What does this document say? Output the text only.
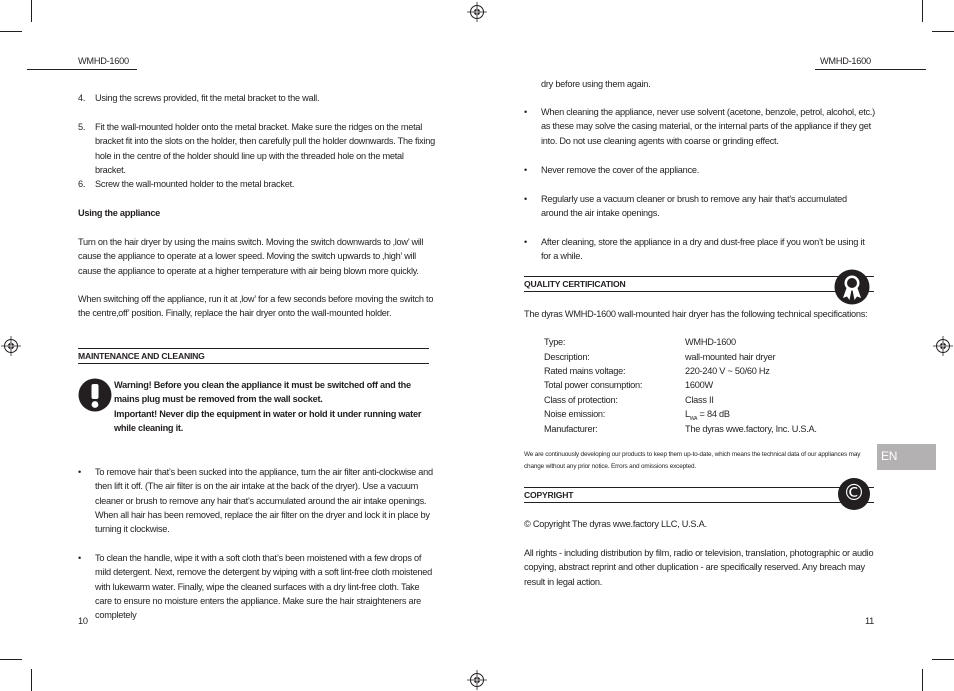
WMHD-1600	WMHD-1600
4.	Using the screws provided, fit the metal bracket to the wall.
5.	Fit the wall-mounted holder onto the metal bracket. Make sure the ridges on the metal bracket fit into the slots on the holder, then carefully pull the holder downwards. The fixing hole in the centre of the holder should line up with the threaded hole on the metal bracket.
6.	Screw the wall-mounted holder to the metal bracket.
Using the appliance
Turn on the hair dryer by using the mains switch. Moving the switch downwards to ‚low’ will cause the appliance to operate at a lower speed. Moving the switch upwards to ‚high’ will cause the appliance to operate at a higher temperature with air being blown more quickly.
When switching off the appliance, run it at ‚low’ for a few seconds before moving the switch to the centre‚off’ position. Finally, replace the hair dryer onto the wall-mounted holder.
MAINTENANCE AND CLEANING
Warning! Before you clean the appliance it must be switched off and the mains plug must be removed from the wall socket.
Important! Never dip the equipment in water or hold it under running water while cleaning it.
•	To remove hair that’s been sucked into the appliance, turn the air filter anti-clockwise and then lift it off. (The air filter is on the air intake at the back of the dryer). Use a vacuum cleaner or brush to remove any hair that’s accumulated around the air intake openings. When all hair has been removed, replace the air filter on the dryer and lock it in place by turning it clockwise.
•	To clean the handle, wipe it with a soft cloth that’s been moistened with a few drops of mild detergent. Next, remove the detergent by wiping with a soft lint-free cloth moistened with lukewarm water. Finally, wipe the cleaned surfaces with a dry lint-free cloth. Take care to ensure no moisture enters the appliance. Make sure the hair straighteners are completely
10
dry before using them again.
•	When cleaning the appliance, never use solvent (acetone, benzole, petrol, alcohol, etc.) as these may solve the casing material, or the internal parts of the appliance if they get into. Do not use cleaning agents with coarse or grinding effect.
•	Never remove the cover of the appliance.
•	Regularly use a vacuum cleaner or brush to remove any hair that’s accumulated around the air intake openings.
•	After cleaning, store the appliance in a dry and dust-free place if you won’t be using it for a while.
QUALITY CERTIFICATION
The dyras WMHD-1600 wall-mounted hair dryer has the following technical specifications:
Type:	WMHD-1600
Description:	wall-mounted hair dryer
Rated mains voltage:	220-240 V ~ 50/60 Hz
Total power consumption:	1600W
Class of protection:	Class II
Noise emission:	$L_{WA} = 84$ dB
Manufacturer:	The dyras wwe.factory, Inc. U.S.A.
We are continuously developing our products to keep them up-to-date, which means the technical data of our appliances may change without any prior notice. Errors and omissions excepted.
COPYRIGHT	©
© Copyright The dyras wwe.factory LLC, U.S.A.
All rights - including distribution by film, radio or television, translation, photographic or audio copying, abstract reprint and other duplication - are specifically reserved. Any breach may result in legal action.
EN
11
